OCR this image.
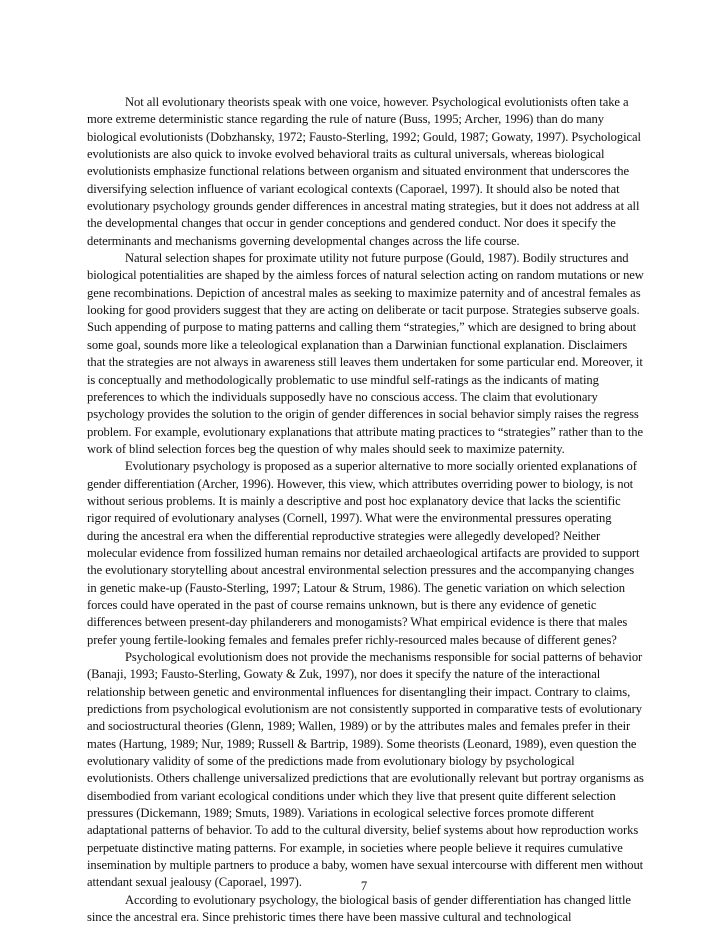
Not all evolutionary theorists speak with one voice, however. Psychological evolutionists often take a more extreme deterministic stance regarding the rule of nature (Buss, 1995; Archer, 1996) than do many biological evolutionists (Dobzhansky, 1972; Fausto-Sterling, 1992; Gould, 1987; Gowaty, 1997). Psychological evolutionists are also quick to invoke evolved behavioral traits as cultural universals, whereas biological evolutionists emphasize functional relations between organism and situated environment that underscores the diversifying selection influence of variant ecological contexts (Caporael, 1997). It should also be noted that evolutionary psychology grounds gender differences in ancestral mating strategies, but it does not address at all the developmental changes that occur in gender conceptions and gendered conduct. Nor does it specify the determinants and mechanisms governing developmental changes across the life course.

Natural selection shapes for proximate utility not future purpose (Gould, 1987). Bodily structures and biological potentialities are shaped by the aimless forces of natural selection acting on random mutations or new gene recombinations. Depiction of ancestral males as seeking to maximize paternity and of ancestral females as looking for good providers suggest that they are acting on deliberate or tacit purpose. Strategies subserve goals. Such appending of purpose to mating patterns and calling them “strategies,” which are designed to bring about some goal, sounds more like a teleological explanation than a Darwinian functional explanation. Disclaimers that the strategies are not always in awareness still leaves them undertaken for some particular end. Moreover, it is conceptually and methodologically problematic to use mindful self-ratings as the indicants of mating preferences to which the individuals supposedly have no conscious access. The claim that evolutionary psychology provides the solution to the origin of gender differences in social behavior simply raises the regress problem. For example, evolutionary explanations that attribute mating practices to “strategies” rather than to the work of blind selection forces beg the question of why males should seek to maximize paternity.

Evolutionary psychology is proposed as a superior alternative to more socially oriented explanations of gender differentiation (Archer, 1996). However, this view, which attributes overriding power to biology, is not without serious problems. It is mainly a descriptive and post hoc explanatory device that lacks the scientific rigor required of evolutionary analyses (Cornell, 1997). What were the environmental pressures operating during the ancestral era when the differential reproductive strategies were allegedly developed? Neither molecular evidence from fossilized human remains nor detailed archaeological artifacts are provided to support the evolutionary storytelling about ancestral environmental selection pressures and the accompanying changes in genetic make-up (Fausto-Sterling, 1997; Latour & Strum, 1986). The genetic variation on which selection forces could have operated in the past of course remains unknown, but is there any evidence of genetic differences between present-day philanderers and monogamists? What empirical evidence is there that males prefer young fertile-looking females and females prefer richly-resourced males because of different genes?

Psychological evolutionism does not provide the mechanisms responsible for social patterns of behavior (Banaji, 1993; Fausto-Sterling, Gowaty & Zuk, 1997), nor does it specify the nature of the interactional relationship between genetic and environmental influences for disentangling their impact. Contrary to claims, predictions from psychological evolutionism are not consistently supported in comparative tests of evolutionary and sociostructural theories (Glenn, 1989; Wallen, 1989) or by the attributes males and females prefer in their mates (Hartung, 1989; Nur, 1989; Russell & Bartrip, 1989). Some theorists (Leonard, 1989), even question the evolutionary validity of some of the predictions made from evolutionary biology by psychological evolutionists. Others challenge universalized predictions that are evolutionally relevant but portray organisms as disembodied from variant ecological conditions under which they live that present quite different selection pressures (Dickemann, 1989; Smuts, 1989). Variations in ecological selective forces promote different adaptational patterns of behavior. To add to the cultural diversity, belief systems about how reproduction works perpetuate distinctive mating patterns. For example, in societies where people believe it requires cumulative insemination by multiple partners to produce a baby, women have sexual intercourse with different men without attendant sexual jealousy (Caporael, 1997).

According to evolutionary psychology, the biological basis of gender differentiation has changed little since the ancestral era. Since prehistoric times there have been massive cultural and technological

7
